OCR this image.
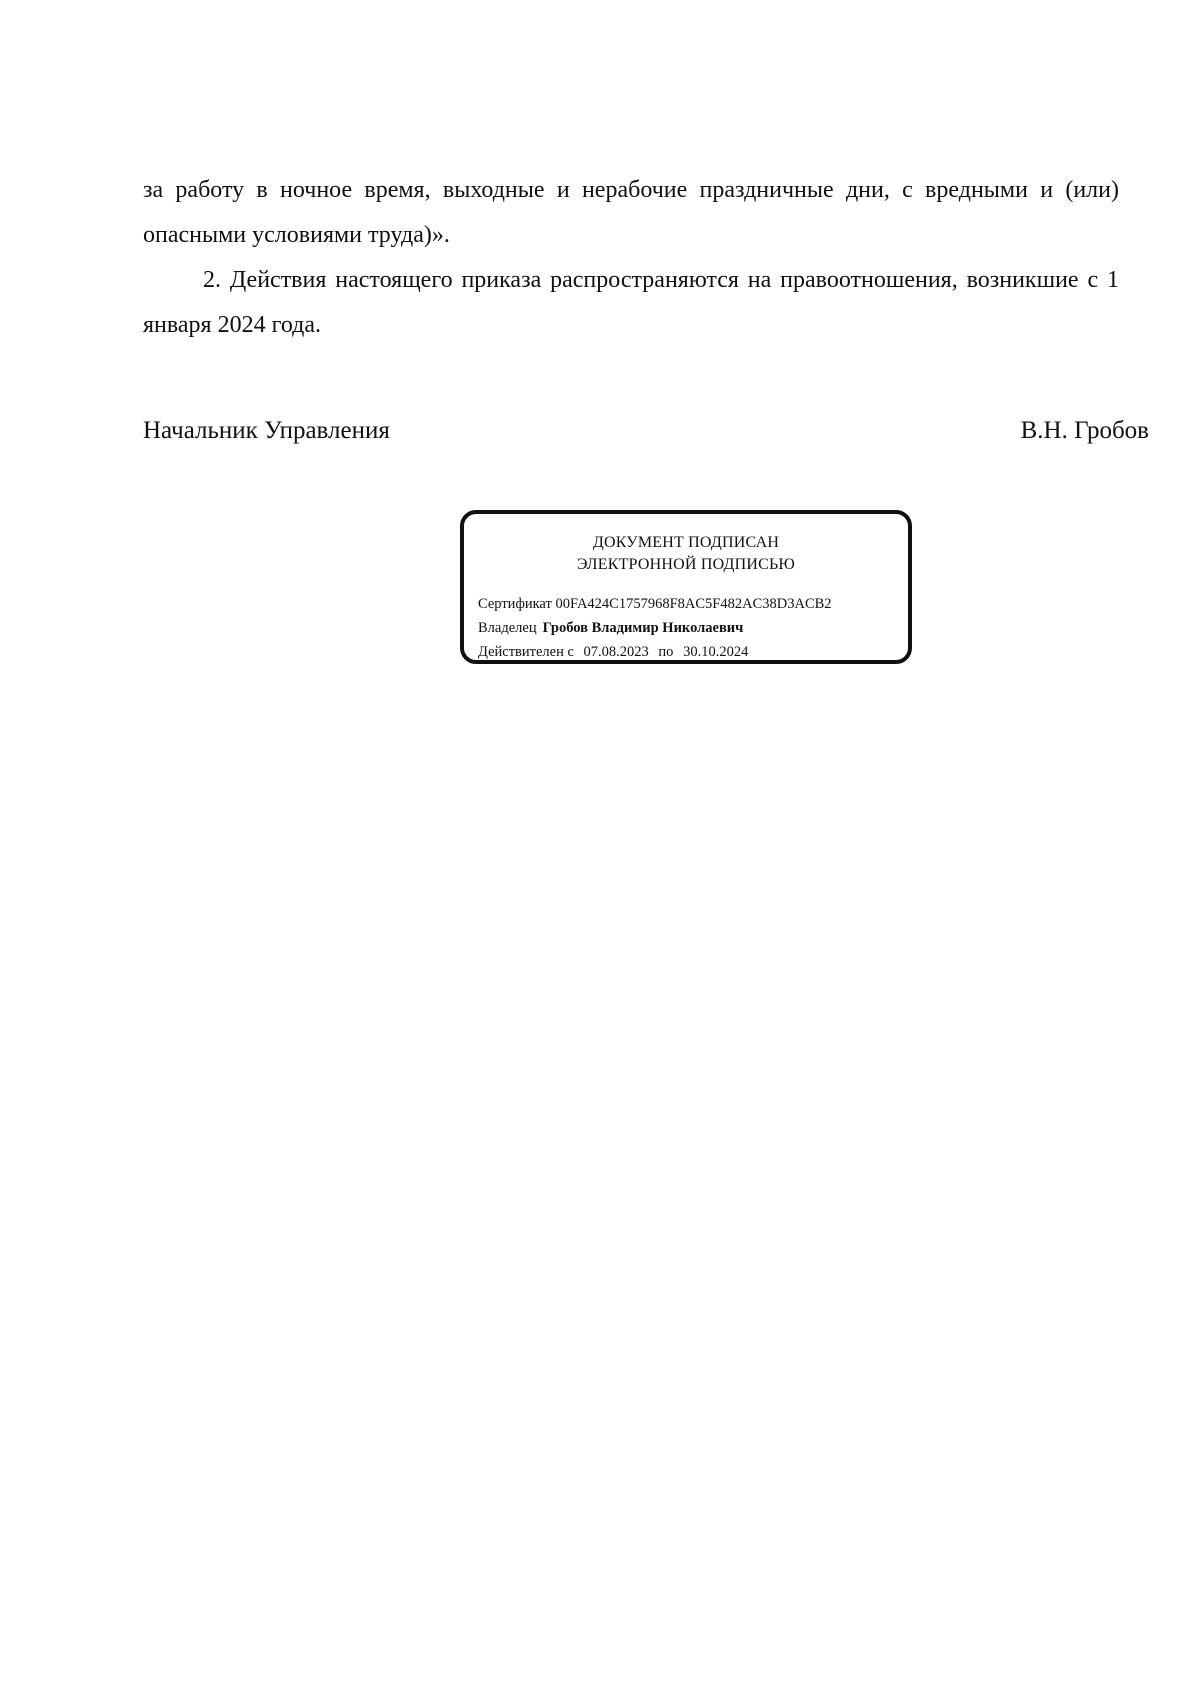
за работу в ночное время, выходные и нерабочие праздничные дни, с вредными и (или) опасными условиями труда)».

2. Действия настоящего приказа распространяются на правоотношения, возникшие с 1 января 2024 года.

Начальник Управления	В.Н. Гробов
ДОКУМЕНТ ПОДПИСАН
ЭЛЕКТРОННОЙ ПОДПИСЬЮ
Сертификат 00FA424C1757968F8AC5F482AC38D3ACB2
Владелец Гробов Владимир Николаевич
Действителен с 07.08.2023 по 30.10.2024
